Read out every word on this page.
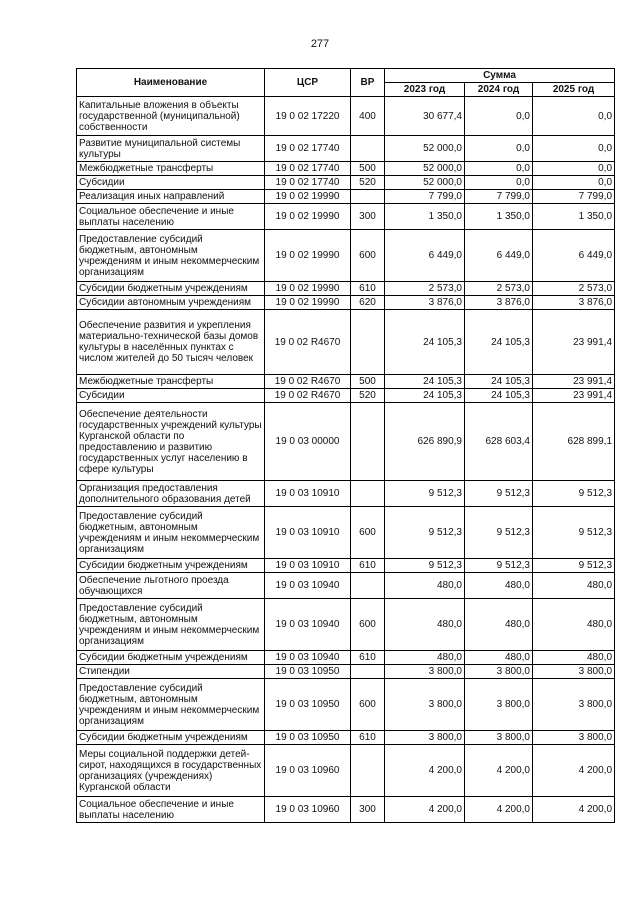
277
Наименование	ЦСР	ВР	Сумма		
			2023 год	2024 год	2025 год
Капитальные вложения в объекты государственной (муниципальной) собственности	19 0 02 17220	400	30 677,4	0,0	0,0
Развитие муниципальной системы культуры	19 0 02 17740		52 000,0	0,0	0,0
Межбюджетные трансферты	19 0 02 17740	500	52 000,0	0,0	0,0
Субсидии	19 0 02 17740	520	52 000,0	0,0	0,0
Реализация иных направлений	19 0 02 19990		7 799,0	7 799,0	7 799,0
Социальное обеспечение и иные выплаты населению	19 0 02 19990	300	1 350,0	1 350,0	1 350,0
Предоставление субсидий бюджетным, автономным учреждениям и иным некоммерческим организациям	19 0 02 19990	600	6 449,0	6 449,0	6 449,0
Субсидии бюджетным учреждениям	19 0 02 19990	610	2 573,0	2 573,0	2 573,0
Субсидии автономным учреждениям	19 0 02 19990	620	3 876,0	3 876,0	3 876,0
Обеспечение развития и укрепления материально-технической базы домов культуры в населённых пунктах с числом жителей до 50 тысяч человек	19 0 02 R4670		24 105,3	24 105,3	23 991,4
Межбюджетные трансферты	19 0 02 R4670	500	24 105,3	24 105,3	23 991,4
Субсидии	19 0 02 R4670	520	24 105,3	24 105,3	23 991,4
Обеспечение деятельности государственных учреждений культуры Курганской области по предоставлению и развитию государственных услуг населению в сфере культуры	19 0 03 00000		626 890,9	628 603,4	628 899,1
Организация предоставления дополнительного образования детей	19 0 03 10910		9 512,3	9 512,3	9 512,3
Предоставление субсидий бюджетным, автономным учреждениям и иным некоммерческим организациям	19 0 03 10910	600	9 512,3	9 512,3	9 512,3
Субсидии бюджетным учреждениям	19 0 03 10910	610	9 512,3	9 512,3	9 512,3
Обеспечение льготного проезда обучающихся	19 0 03 10940		480,0	480,0	480,0
Предоставление субсидий бюджетным, автономным учреждениям и иным некоммерческим организациям	19 0 03 10940	600	480,0	480,0	480,0
Субсидии бюджетным учреждениям	19 0 03 10940	610	480,0	480,0	480,0
Стипендии	19 0 03 10950		3 800,0	3 800,0	3 800,0
Предоставление субсидий бюджетным, автономным учреждениям и иным некоммерческим организациям	19 0 03 10950	600	3 800,0	3 800,0	3 800,0
Субсидии бюджетным учреждениям	19 0 03 10950	610	3 800,0	3 800,0	3 800,0
Меры социальной поддержки детей-сирот, находящихся в государственных организациях (учреждениях) Курганской области	19 0 03 10960		4 200,0	4 200,0	4 200,0
Социальное обеспечение и иные выплаты населению	19 0 03 10960	300	4 200,0	4 200,0	4 200,0
